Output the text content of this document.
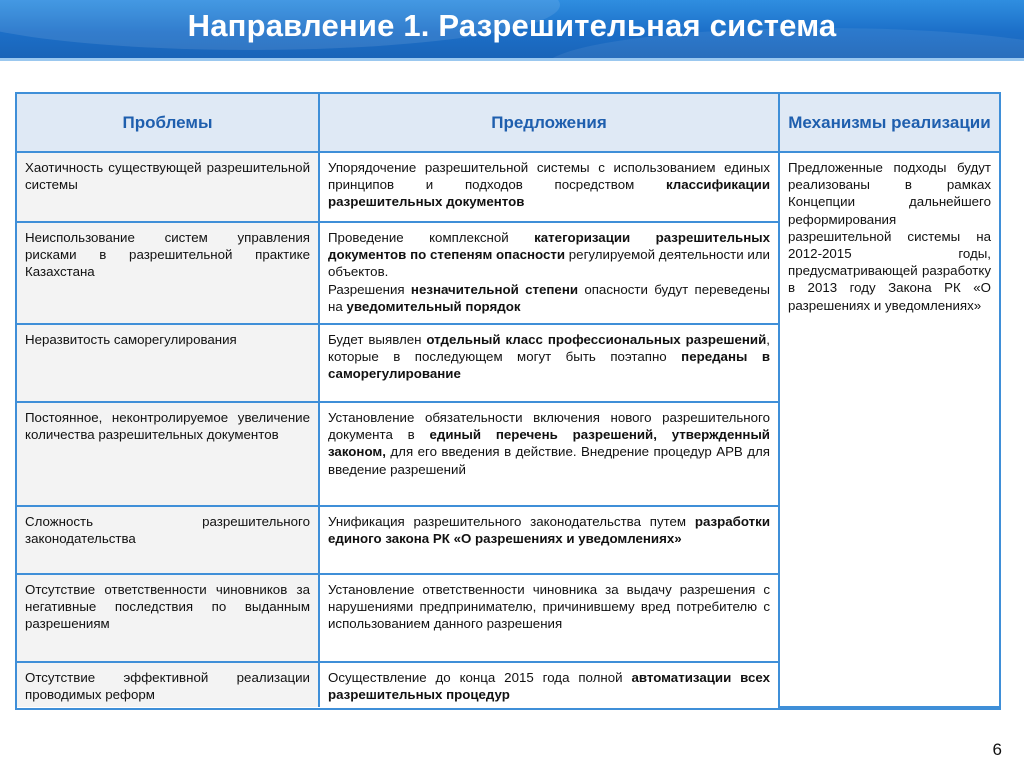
Направление 1. Разрешительная система
Проблемы	Предложения	Механизмы реализации
Хаотичность существующей разрешительной системы	Упорядочение разрешительной системы с использованием единых принципов и подходов посредством классификации разрешительных документов	Предложенные подходы будут реализованы в рамках Концепции дальнейшего реформирования разрешительной системы на 2012-2015 годы, предусматривающей разработку в 2013 году Закона РК «О разрешениях и уведомлениях»
Неиспользование систем управления рисками в разрешительной практике Казахстана	Проведение комплексной категоризации разрешительных документов по степеням опасности регулируемой деятельности или объектов.
Разрешения незначительной степени опасности будут переведены на уведомительный порядок	
Неразвитость саморегулирования	Будет выявлен отдельный класс профессиональных разрешений, которые в последующем могут быть поэтапно переданы в саморегулирование	
Постоянное, неконтролируемое увеличение количества разрешительных документов	Установление обязательности включения нового разрешительного документа в единый перечень разрешений, утвержденный законом, для его введения в действие. Внедрение процедур АРВ для введение разрешений	
Сложность разрешительного законодательства	Унификация разрешительного законодательства путем разработки единого закона РК «О разрешениях и уведомлениях»	
Отсутствие ответственности чиновников за негативные последствия по выданным разрешениям	Установление ответственности чиновника за выдачу разрешения с нарушениями предпринимателю, причинившему вред потребителю с использованием данного разрешения	
Отсутствие эффективной реализации проводимых реформ	Осуществление до конца 2015 года полной автоматизации всех разрешительных процедур	
6
